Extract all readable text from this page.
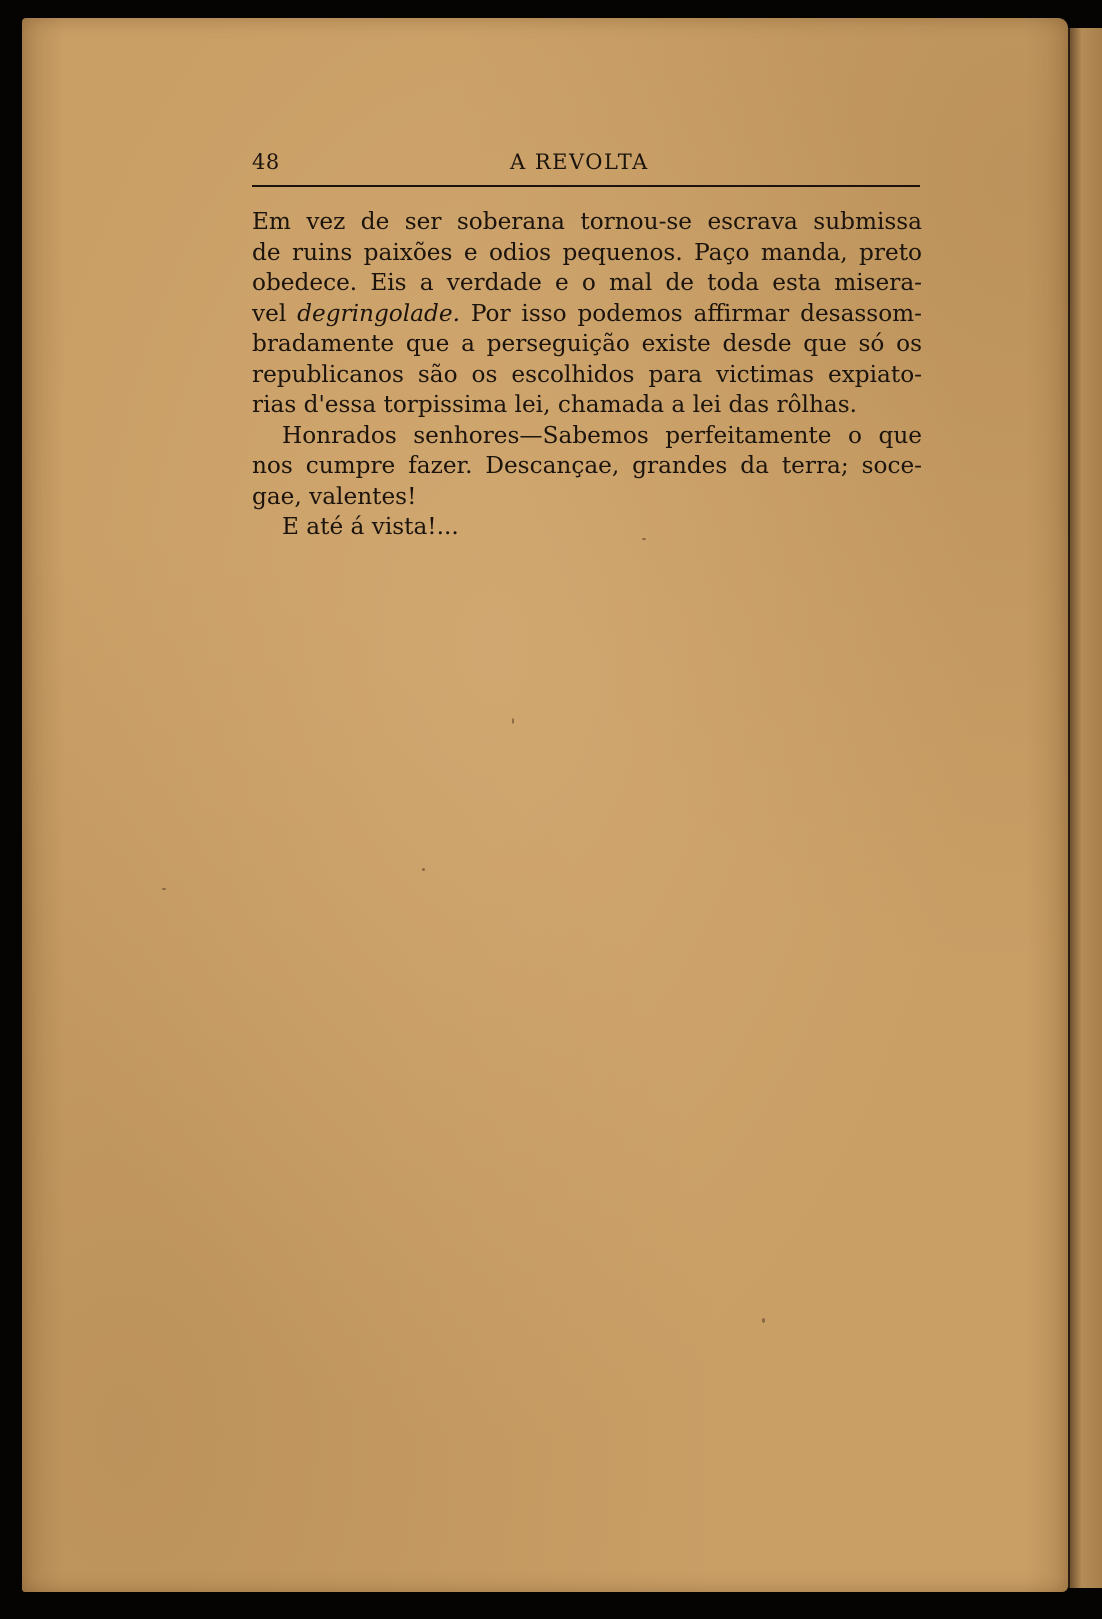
48	A REVOLTA
Em vez de ser soberana tornou-se escrava submissa
de ruins paixões e odios pequenos. Paço manda, preto
obedece. Eis a verdade e o mal de toda esta misera-
vel degringolade. Por isso podemos affirmar desassom-
bradamente que a perseguição existe desde que só os
republicanos são os escolhidos para victimas expiato-
rias d'essa torpissima lei, chamada a lei das rôlhas.
Honrados senhores—Sabemos perfeitamente o que
nos cumpre fazer. Descançae, grandes da terra; soce-
gae, valentes!
E até á vista!...
